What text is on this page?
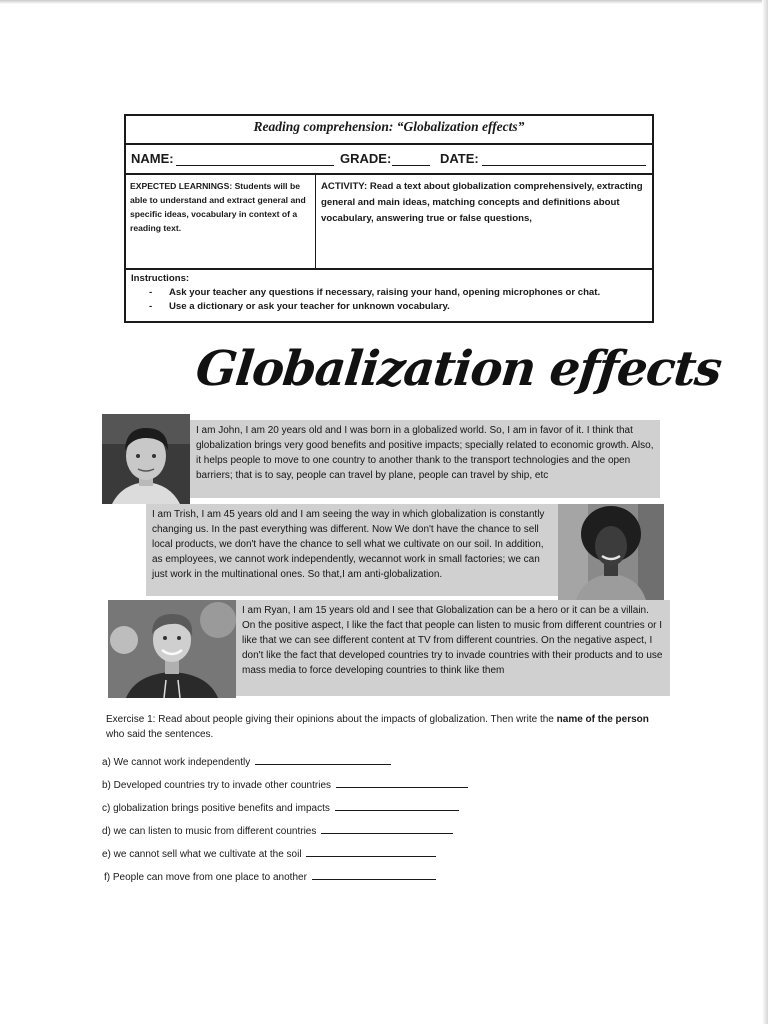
Reading comprehension: “Globalization effects”
NAME:	GRADE:	DATE:
EXPECTED LEARNINGS: Students will be able to understand and extract general and specific ideas, vocabulary in context of a reading text.
ACTIVITY: Read a text about globalization comprehensively, extracting general and main ideas, matching concepts and definitions about vocabulary, answering true or false questions,
Instructions:
- Ask your teacher any questions if necessary, raising your hand, opening microphones or chat.
- Use a dictionary or ask your teacher for unknown vocabulary.
Globalization effects
I am John, I am 20 years old and I was born in a globalized world. So, I am in favor of it. I think that globalization brings very good benefits and positive impacts; specially related to economic growth. Also, it helps people to move to one country to another thank to the transport technologies and the open barriers; that is to say, people can travel by plane, people can travel by ship, etc
I am Trish, I am 45 years old and I am seeing the way in which globalization is constantly changing us. In the past everything was different. Now We don't have the chance to sell local products, we don't have the chance to sell what we cultivate on our soil. In addition, as employees, we cannot work independently, wecannot work in small factories; we can just work in the multinational ones. So that,I am anti-globalization.
I am Ryan, I am 15 years old and I see that Globalization can be a hero or it can be a villain. On the positive aspect, I like the fact that people can listen to music from different countries or I like that we can see different content at TV from different countries. On the negative aspect, I don't like the fact that developed countries try to invade countries with their products and to use mass media to force developing countries to think like them
Exercise 1: Read about people giving their opinions about the impacts of globalization. Then write the name of the person who said the sentences.
a) We cannot work independently
b) Developed countries try to invade other countries
c) globalization brings positive benefits and impacts
d) we can listen to music from different countries
e) we cannot sell what we cultivate at the soil
f) People can move from one place to another
